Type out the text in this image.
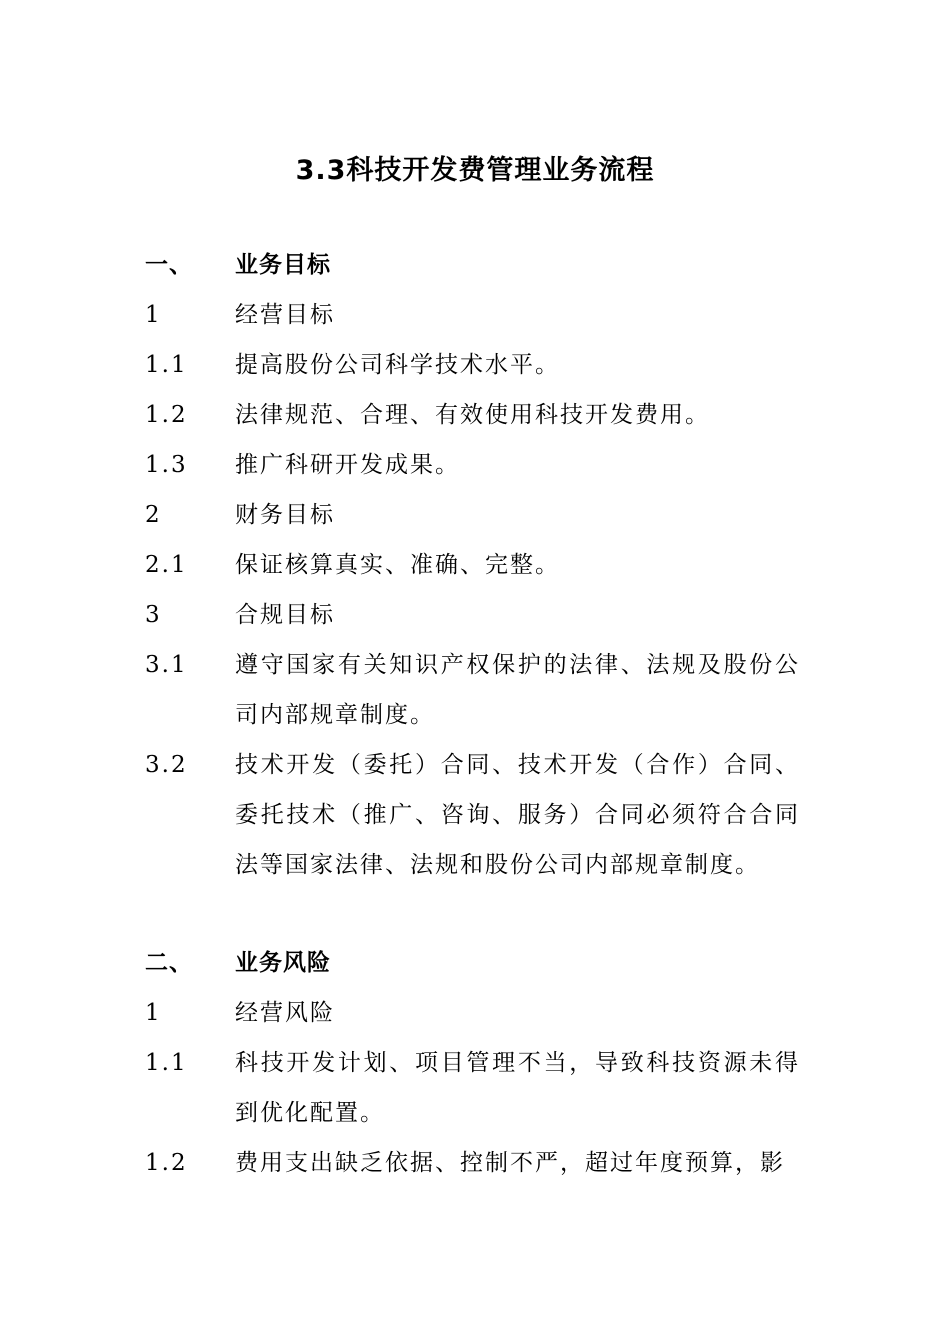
3.3科技开发费管理业务流程
一、	业务目标
1	经营目标
1.1	提高股份公司科学技术水平。
1.2	法律规范、合理、有效使用科技开发费用。
1.3	推广科研开发成果。
2	财务目标
2.1	保证核算真实、准确、完整。
3	合规目标
3.1	遵守国家有关知识产权保护的法律、法规及股份公司内部规章制度。
3.2	技术开发（委托）合同、技术开发（合作）合同、委托技术（推广、咨询、服务）合同必须符合合同法等国家法律、法规和股份公司内部规章制度。
二、	业务风险
1	经营风险
1.1	科技开发计划、项目管理不当，导致科技资源未得到优化配置。
1.2	费用支出缺乏依据、控制不严，超过年度预算，影
